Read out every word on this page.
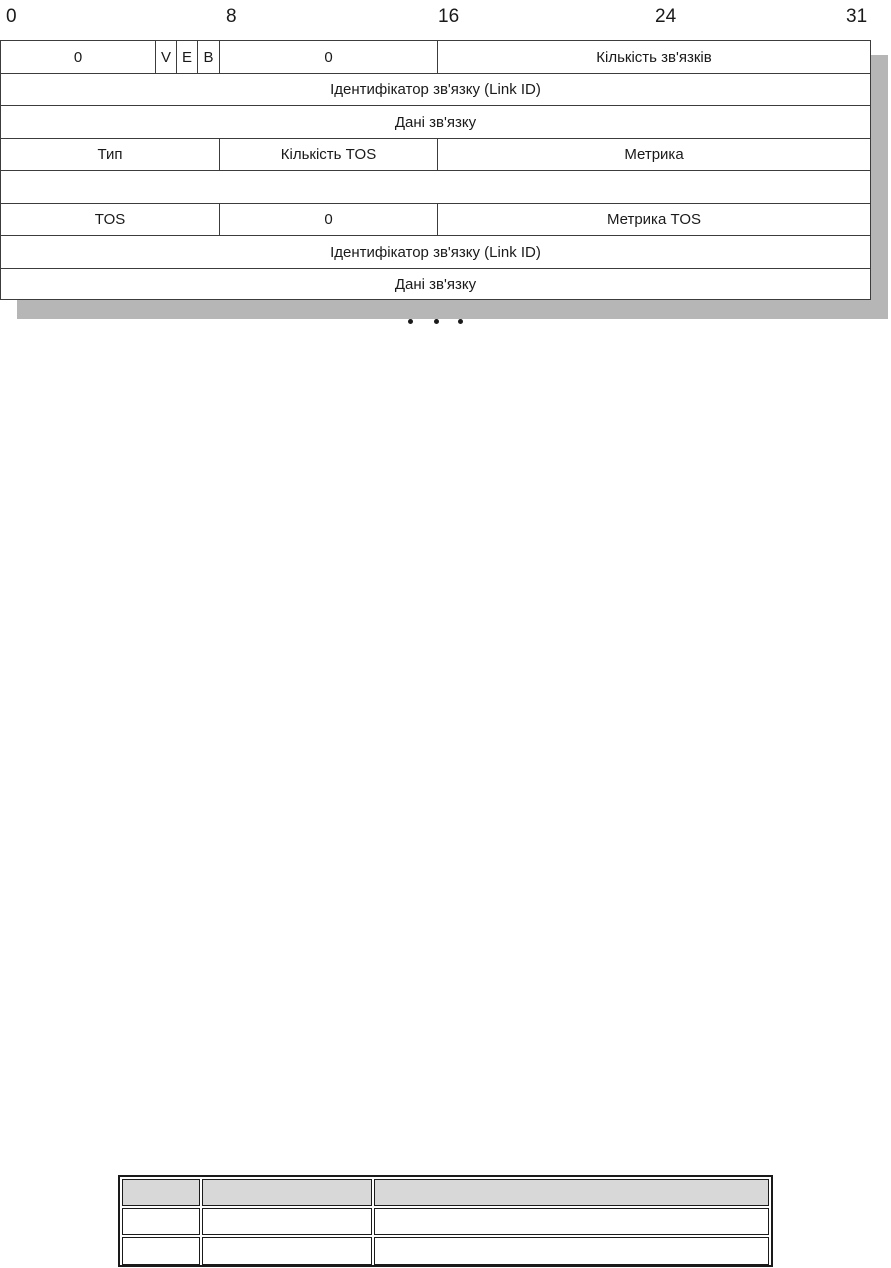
0	8	16	24	31
0	V E B	0	Кількість зв'язків
Ідентифікатор зв'язку (Link ID)
Дані зв'язку
Тип	Кількість TOS	Метрика
TOS	0	Метрика TOS
Ідентифікатор зв'язку (Link ID)
Дані зв'язку
